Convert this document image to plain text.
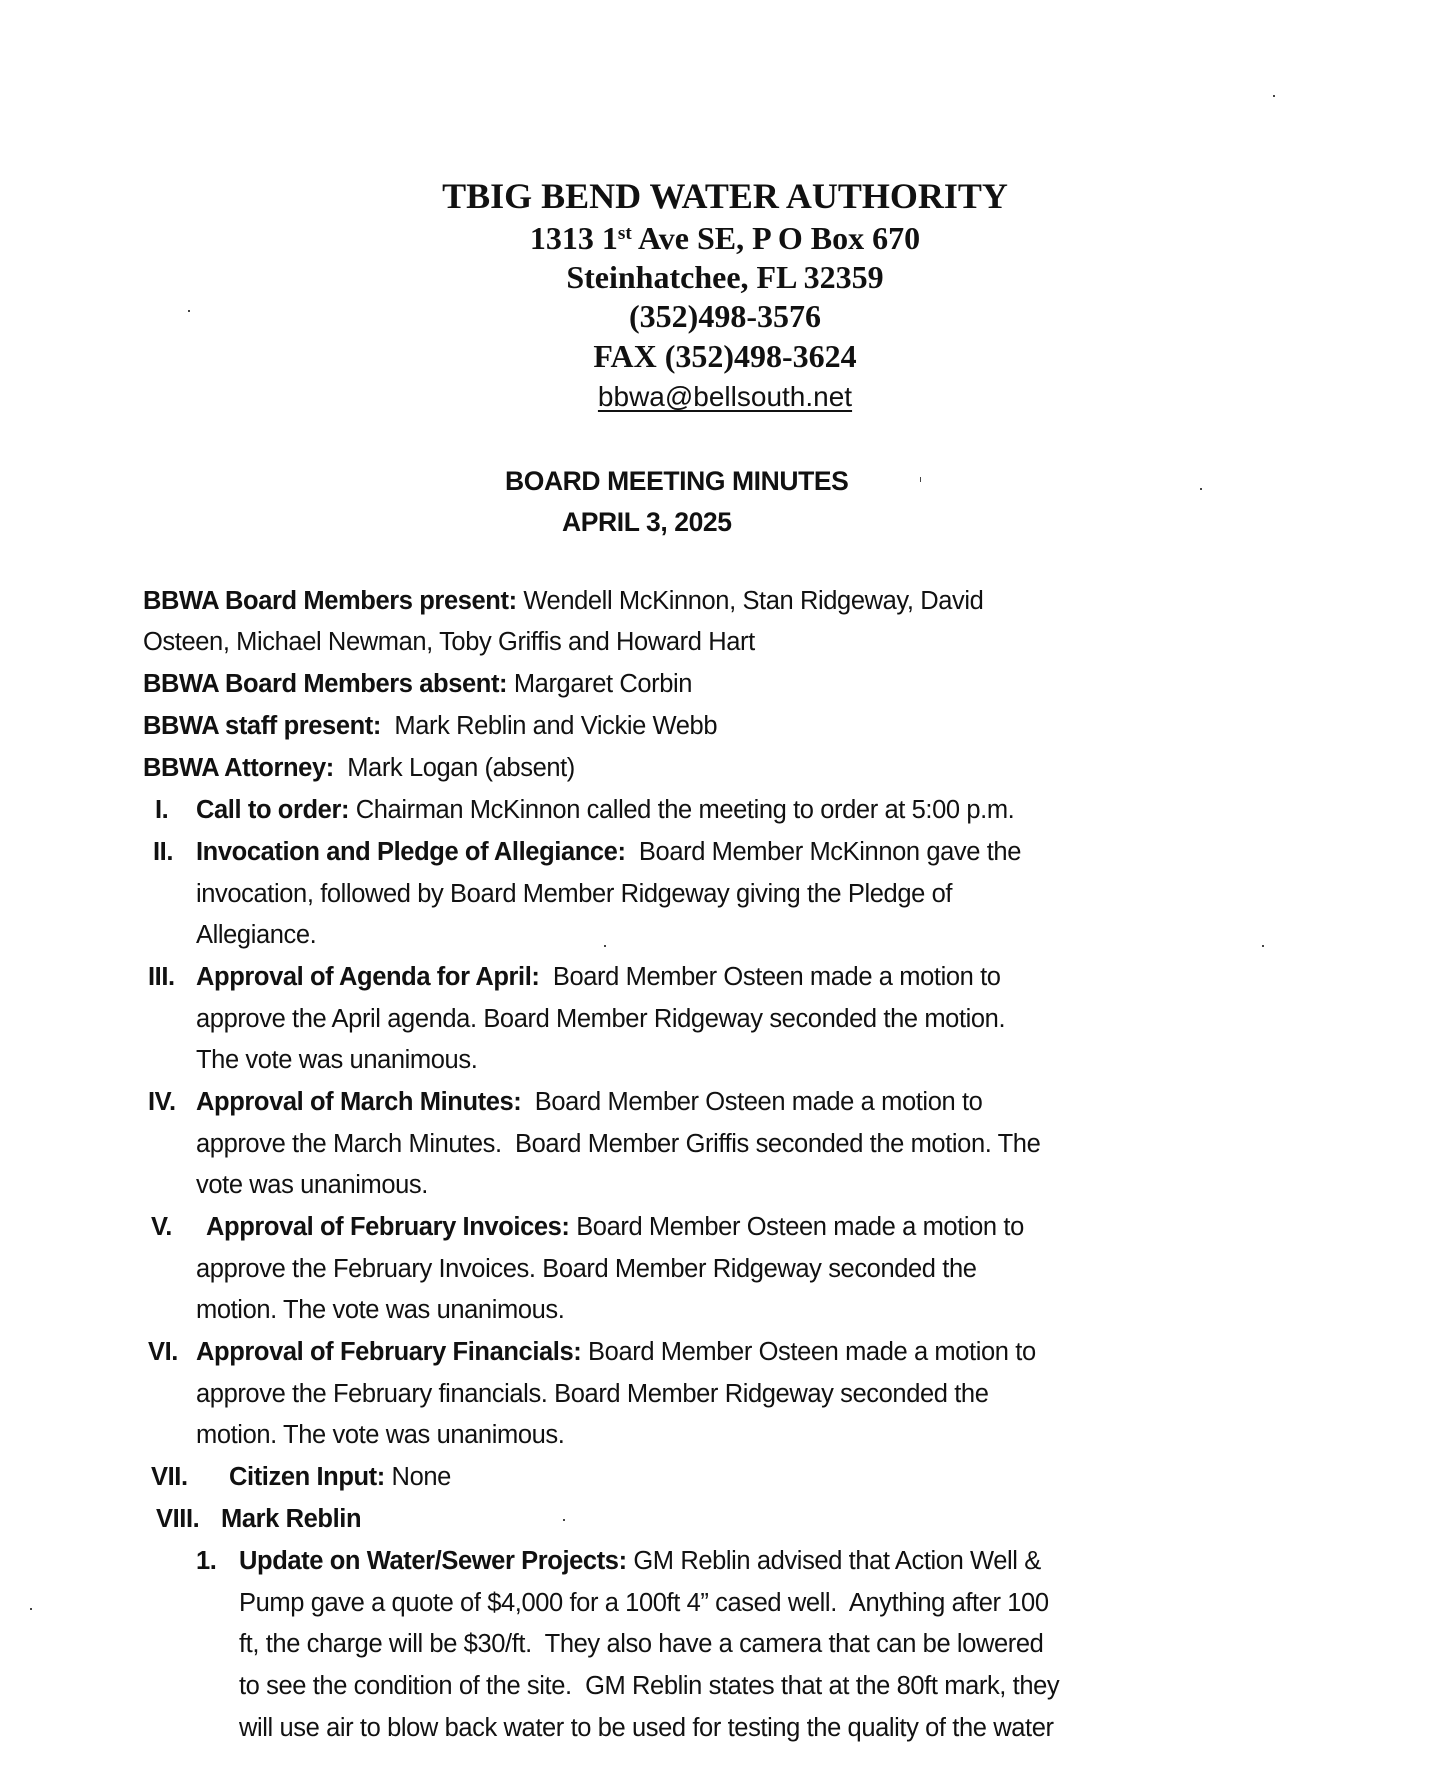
TBIG BEND WATER AUTHORITY
1313 1st Ave SE, P O Box 670
Steinhatchee, FL 32359
(352)498-3576
FAX (352)498-3624
bbwa@bellsouth.net
BOARD MEETING MINUTES
APRIL 3, 2025
BBWA Board Members present: Wendell McKinnon, Stan Ridgeway, David
Osteen, Michael Newman, Toby Griffis and Howard Hart
BBWA Board Members absent: Margaret Corbin
BBWA staff present:  Mark Reblin and Vickie Webb
BBWA Attorney:  Mark Logan (absent)
I. Call to order: Chairman McKinnon called the meeting to order at 5:00 p.m.
II. Invocation and Pledge of Allegiance:  Board Member McKinnon gave the
invocation, followed by Board Member Ridgeway giving the Pledge of
Allegiance.
III. Approval of Agenda for April:  Board Member Osteen made a motion to
approve the April agenda. Board Member Ridgeway seconded the motion.
The vote was unanimous.
IV. Approval of March Minutes:  Board Member Osteen made a motion to
approve the March Minutes.  Board Member Griffis seconded the motion. The
vote was unanimous.
V. Approval of February Invoices: Board Member Osteen made a motion to
approve the February Invoices. Board Member Ridgeway seconded the
motion. The vote was unanimous.
VI. Approval of February Financials: Board Member Osteen made a motion to
approve the February financials. Board Member Ridgeway seconded the
motion. The vote was unanimous.
VII. Citizen Input: None
VIII. Mark Reblin
1. Update on Water/Sewer Projects: GM Reblin advised that Action Well &
Pump gave a quote of $4,000 for a 100ft 4” cased well.  Anything after 100
ft, the charge will be $30/ft.  They also have a camera that can be lowered
to see the condition of the site.  GM Reblin states that at the 80ft mark, they
will use air to blow back water to be used for testing the quality of the water
